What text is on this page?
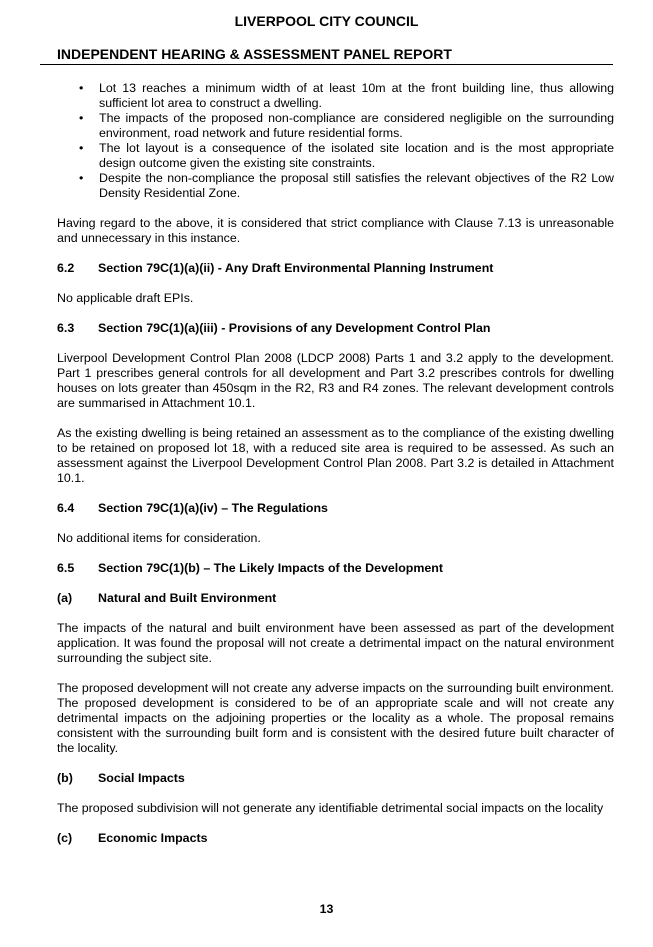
LIVERPOOL CITY COUNCIL
INDEPENDENT HEARING & ASSESSMENT PANEL REPORT
• Lot 13 reaches a minimum width of at least 10m at the front building line, thus allowing sufficient lot area to construct a dwelling.
• The impacts of the proposed non-compliance are considered negligible on the surrounding environment, road network and future residential forms.
• The lot layout is a consequence of the isolated site location and is the most appropriate design outcome given the existing site constraints.
• Despite the non-compliance the proposal still satisfies the relevant objectives of the R2 Low Density Residential Zone.

Having regard to the above, it is considered that strict compliance with Clause 7.13 is unreasonable and unnecessary in this instance.

6.2	Section 79C(1)(a)(ii) - Any Draft Environmental Planning Instrument

No applicable draft EPIs.

6.3	Section 79C(1)(a)(iii) - Provisions of any Development Control Plan

Liverpool Development Control Plan 2008 (LDCP 2008) Parts 1 and 3.2 apply to the development. Part 1 prescribes general controls for all development and Part 3.2 prescribes controls for dwelling houses on lots greater than 450sqm in the R2, R3 and R4 zones. The relevant development controls are summarised in Attachment 10.1.

As the existing dwelling is being retained an assessment as to the compliance of the existing dwelling to be retained on proposed lot 18, with a reduced site area is required to be assessed. As such an assessment against the Liverpool Development Control Plan 2008. Part 3.2 is detailed in Attachment 10.1.

6.4	Section 79C(1)(a)(iv) – The Regulations

No additional items for consideration.

6.5	Section 79C(1)(b) – The Likely Impacts of the Development
(a)	Natural and Built Environment

The impacts of the natural and built environment have been assessed as part of the development application. It was found the proposal will not create a detrimental impact on the natural environment surrounding the subject site.

The proposed development will not create any adverse impacts on the surrounding built environment. The proposed development is considered to be of an appropriate scale and will not create any detrimental impacts on the adjoining properties or the locality as a whole. The proposal remains consistent with the surrounding built form and is consistent with the desired future built character of the locality.

(b)	Social Impacts

The proposed subdivision will not generate any identifiable detrimental social impacts on the locality

(c)	Economic Impacts
13
